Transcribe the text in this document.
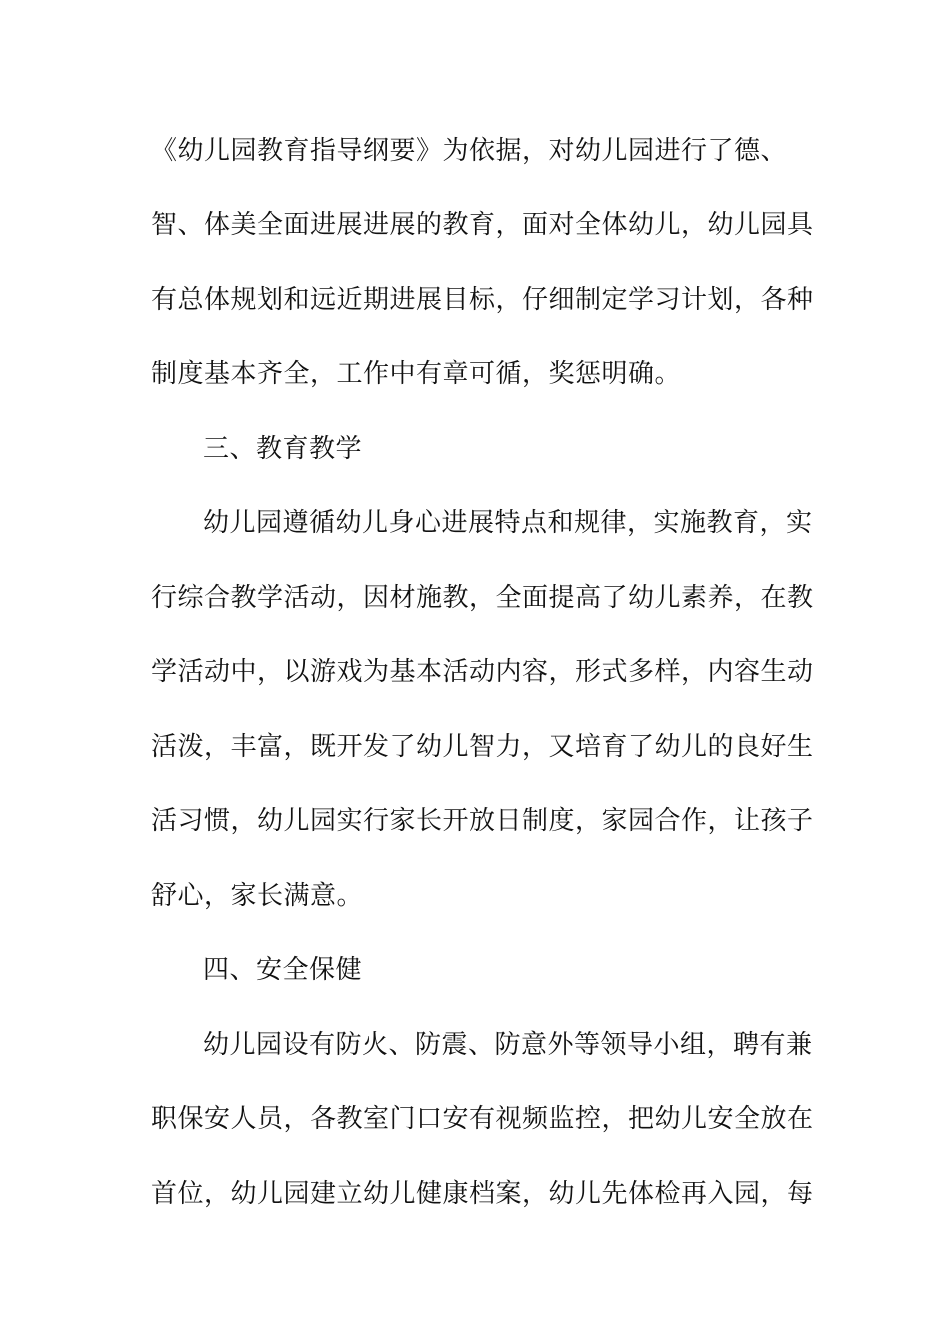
《幼儿园教育指导纲要》为依据，对幼儿园进行了德、
智、体美全面进展进展的教育，面对全体幼儿，幼儿园具
有总体规划和远近期进展目标，仔细制定学习计划，各种
制度基本齐全，工作中有章可循，奖惩明确。
三、教育教学
幼儿园遵循幼儿身心进展特点和规律，实施教育，实
行综合教学活动，因材施教，全面提高了幼儿素养，在教
学活动中，以游戏为基本活动内容，形式多样，内容生动
活泼，丰富，既开发了幼儿智力，又培育了幼儿的良好生
活习惯，幼儿园实行家长开放日制度，家园合作，让孩子
舒心，家长满意。
四、安全保健
幼儿园设有防火、防震、防意外等领导小组，聘有兼
职保安人员，各教室门口安有视频监控，把幼儿安全放在
首位，幼儿园建立幼儿健康档案，幼儿先体检再入园，每
